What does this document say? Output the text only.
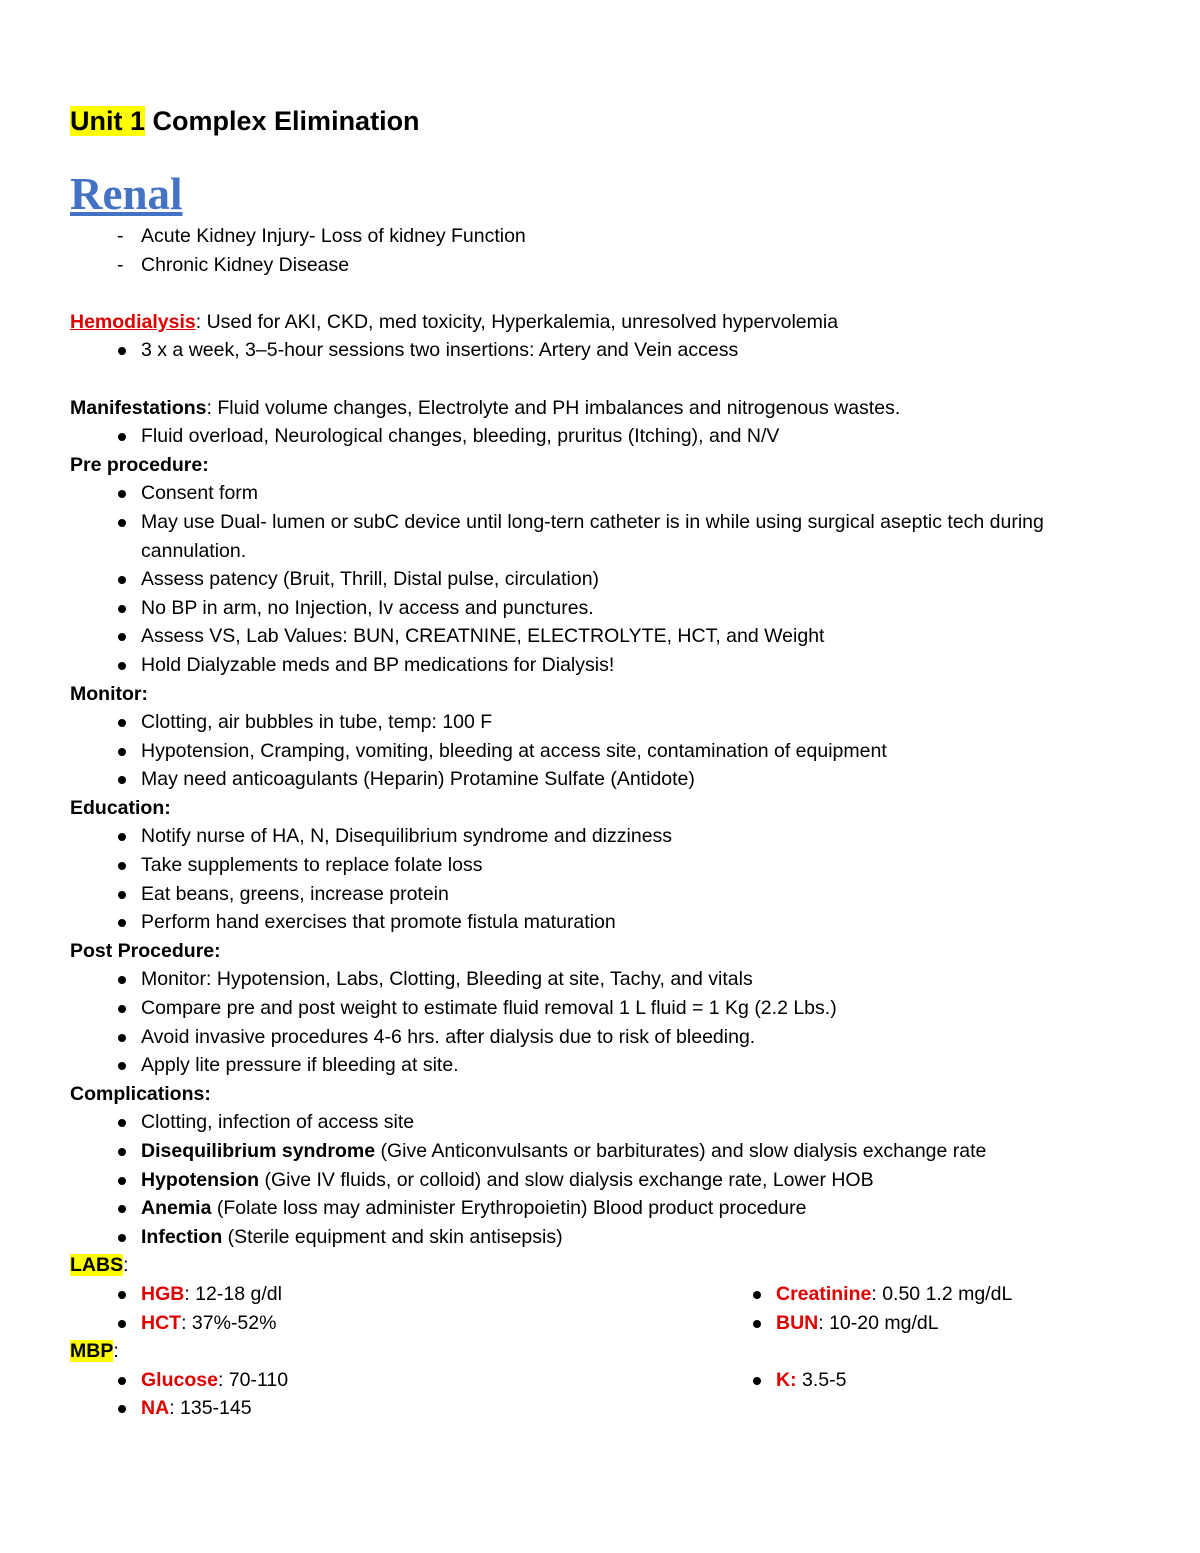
Unit 1 Complex Elimination
Renal
- Acute Kidney Injury- Loss of kidney Function
- Chronic Kidney Disease

Hemodialysis: Used for AKI, CKD, med toxicity, Hyperkalemia, unresolved hypervolemia

3 x a week, 3–5-hour sessions two insertions: Artery and Vein access

Manifestations: Fluid volume changes, Electrolyte and PH imbalances and nitrogenous wastes.

Fluid overload, Neurological changes, bleeding, pruritus (Itching), and N/V

Pre procedure:

Consent form
May use Dual- lumen or subC device until long-tern catheter is in while using surgical aseptic tech during cannulation.
Assess patency (Bruit, Thrill, Distal pulse, circulation)
No BP in arm, no Injection, Iv access and punctures.
Assess VS, Lab Values: BUN, CREATNINE, ELECTROLYTE, HCT, and Weight
Hold Dialyzable meds and BP medications for Dialysis!

Monitor:

Clotting, air bubbles in tube, temp: 100 F
Hypotension, Cramping, vomiting, bleeding at access site, contamination of equipment
May need anticoagulants (Heparin) Protamine Sulfate (Antidote)

Education:

Notify nurse of HA, N, Disequilibrium syndrome and dizziness
Take supplements to replace folate loss
Eat beans, greens, increase protein
Perform hand exercises that promote fistula maturation

Post Procedure:

Monitor: Hypotension, Labs, Clotting, Bleeding at site, Tachy, and vitals
Compare pre and post weight to estimate fluid removal 1 L fluid = 1 Kg (2.2 Lbs.)
Avoid invasive procedures 4-6 hrs. after dialysis due to risk of bleeding.
Apply lite pressure if bleeding at site.

Complications:

Clotting, infection of access site
Disequilibrium syndrome (Give Anticonvulsants or barbiturates) and slow dialysis exchange rate
Hypotension (Give IV fluids, or colloid) and slow dialysis exchange rate, Lower HOB
Anemia (Folate loss may administer Erythropoietin) Blood product procedure
Infection (Sterile equipment and skin antisepsis)

LABS:

HGB: 12-18 g/dl
HCT: 37%-52%
Creatinine: 0.50 1.2 mg/dL
BUN: 10-20 mg/dL

MBP:

Glucose: 70-110
NA: 135-145
K: 3.5-5
